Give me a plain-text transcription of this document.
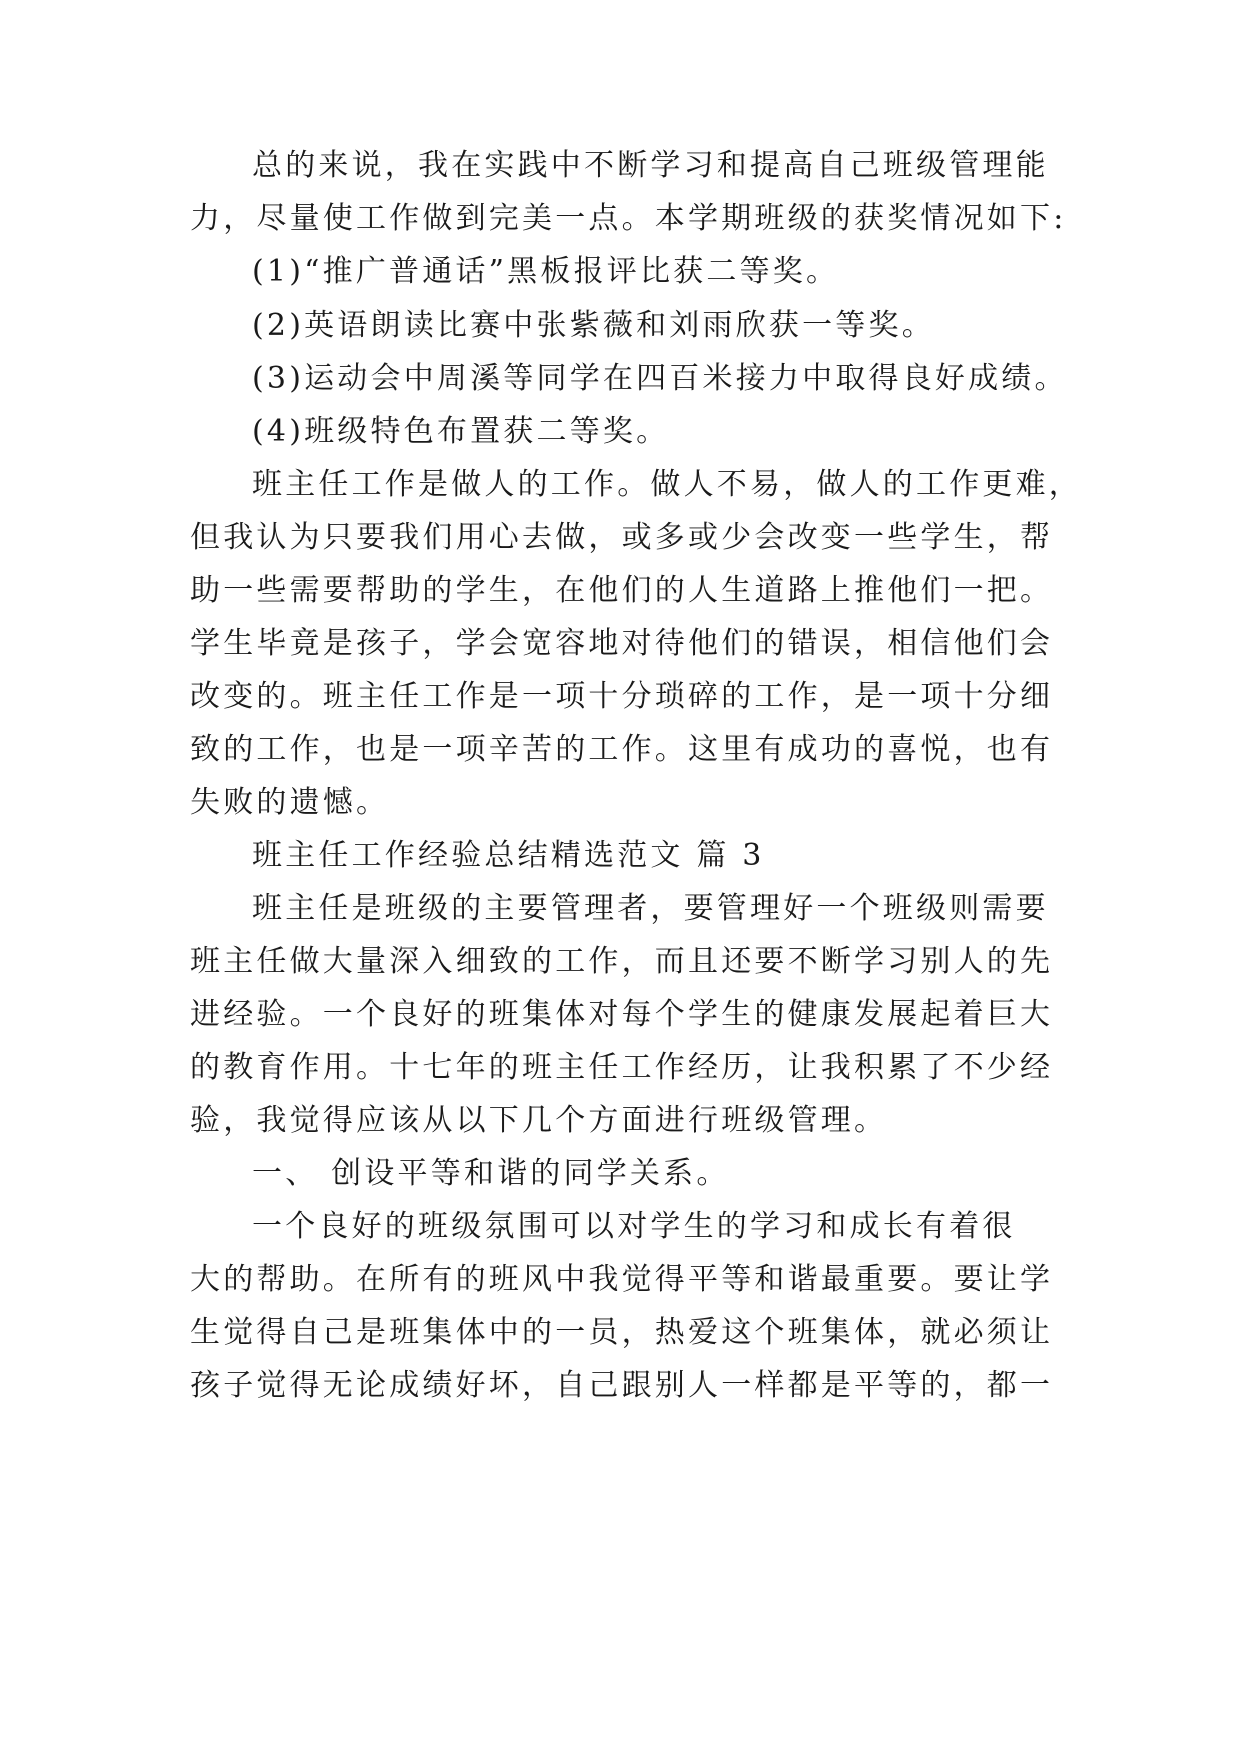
总的来说，我在实践中不断学习和提高自己班级管理能
力，尽量使工作做到完美一点。本学期班级的获奖情况如下:
(1)“推广普通话”黑板报评比获二等奖。
(2)英语朗读比赛中张紫薇和刘雨欣获一等奖。
(3)运动会中周溪等同学在四百米接力中取得良好成绩。
(4)班级特色布置获二等奖。
班主任工作是做人的工作。做人不易，做人的工作更难，
但我认为只要我们用心去做，或多或少会改变一些学生，帮
助一些需要帮助的学生，在他们的人生道路上推他们一把。
学生毕竟是孩子，学会宽容地对待他们的错误，相信他们会
改变的。班主任工作是一项十分琐碎的工作，是一项十分细
致的工作，也是一项辛苦的工作。这里有成功的喜悦，也有
失败的遗憾。
班主任工作经验总结精选范文 篇 3
班主任是班级的主要管理者，要管理好一个班级则需要
班主任做大量深入细致的工作，而且还要不断学习别人的先
进经验。一个良好的班集体对每个学生的健康发展起着巨大
的教育作用。十七年的班主任工作经历，让我积累了不少经
验，我觉得应该从以下几个方面进行班级管理。
一、 创设平等和谐的同学关系。
一个良好的班级氛围可以对学生的学习和成长有着很
大的帮助。在所有的班风中我觉得平等和谐最重要。要让学
生觉得自己是班集体中的一员，热爱这个班集体，就必须让
孩子觉得无论成绩好坏，自己跟别人一样都是平等的，都一
